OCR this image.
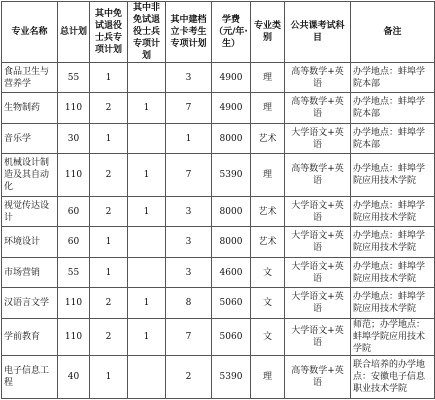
专业名称	总计划	其中免试退役士兵专项计划	其中非免试退役士兵专项计划	其中建档立卡考生专项计划	学费（元/年·生）	专业类别	公共课考试科目	备注
食品卫生与营养学	55	1		3	4900	理	高等数学+英语	办学地点：蚌埠学院本部
生物制药	110	2	1	7	4900	理	高等数学+英语	办学地点：蚌埠学院本部
音乐学	30	1		1	8000	艺术	大学语文+英语	办学地点：蚌埠学院本部
机械设计制造及其自动化	110	2	1	7	5390	理	高等数学+英语	办学地点：蚌埠学院应用技术学院
视觉传达设计	60	2	1	3	8000	艺术	大学语文+英语	办学地点：蚌埠学院应用技术学院
环境设计	60	1		3	8000	艺术	大学语文+英语	办学地点：蚌埠学院应用技术学院
市场营销	55	1		3	4600	文	大学语文+英语	办学地点：蚌埠学院应用技术学院
汉语言文学	110	2	1	8	5060	文	大学语文+英语	办学地点：蚌埠学院应用技术学院
学前教育	110	2	1	7	5060	文	大学语文+英语	师范；办学地点：蚌埠学院应用技术学院
电子信息工程	40	1		2	5390	理	高等数学+英语	联合培养的办学地点：安徽电子信息职业技术学院
